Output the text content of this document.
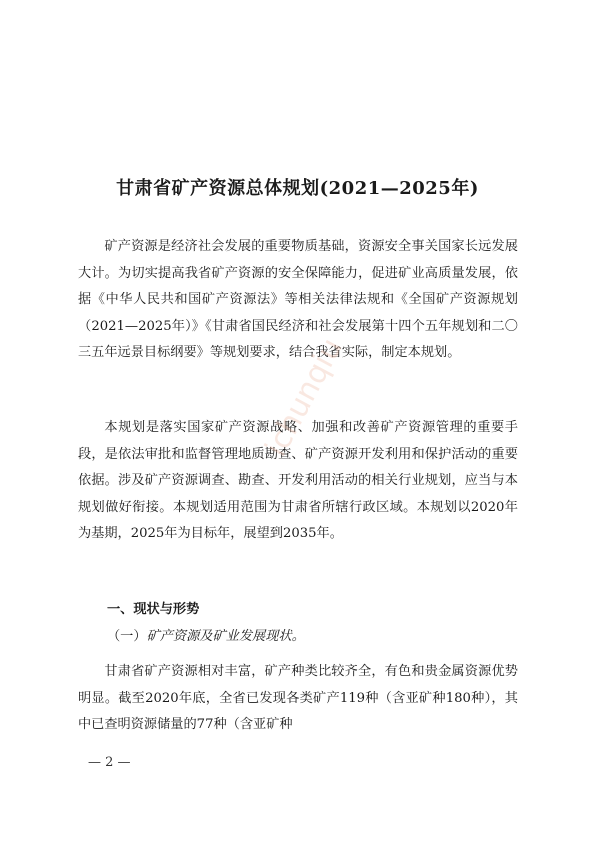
甘肃省矿产资源总体规划(2021—2025年)

矿产资源是经济社会发展的重要物质基础，资源安全事关国家长远发展大计。为切实提高我省矿产资源的安全保障能力，促进矿业高质量发展，依据《中华人民共和国矿产资源法》等相关法律法规和《全国矿产资源规划（2021—2025年）》《甘肃省国民经济和社会发展第十四个五年规划和二〇三五年远景目标纲要》等规划要求，结合我省实际，制定本规划。

本规划是落实国家矿产资源战略、加强和改善矿产资源管理的重要手段，是依法审批和监督管理地质勘查、矿产资源开发利用和保护活动的重要依据。涉及矿产资源调查、勘查、开发利用活动的相关行业规划，应当与本规划做好衔接。本规划适用范围为甘肃省所辖行政区域。本规划以2020年为基期，2025年为目标年，展望到2035年。

一、现状与形势
（一）矿产资源及矿业发展现状。

甘肃省矿产资源相对丰富，矿产种类比较齐全，有色和贵金属资源优势明显。截至2020年底，全省已发现各类矿产119种（含亚矿种180种），其中已查明资源储量的77种（含亚矿种

— 2 —
ichunqiu
